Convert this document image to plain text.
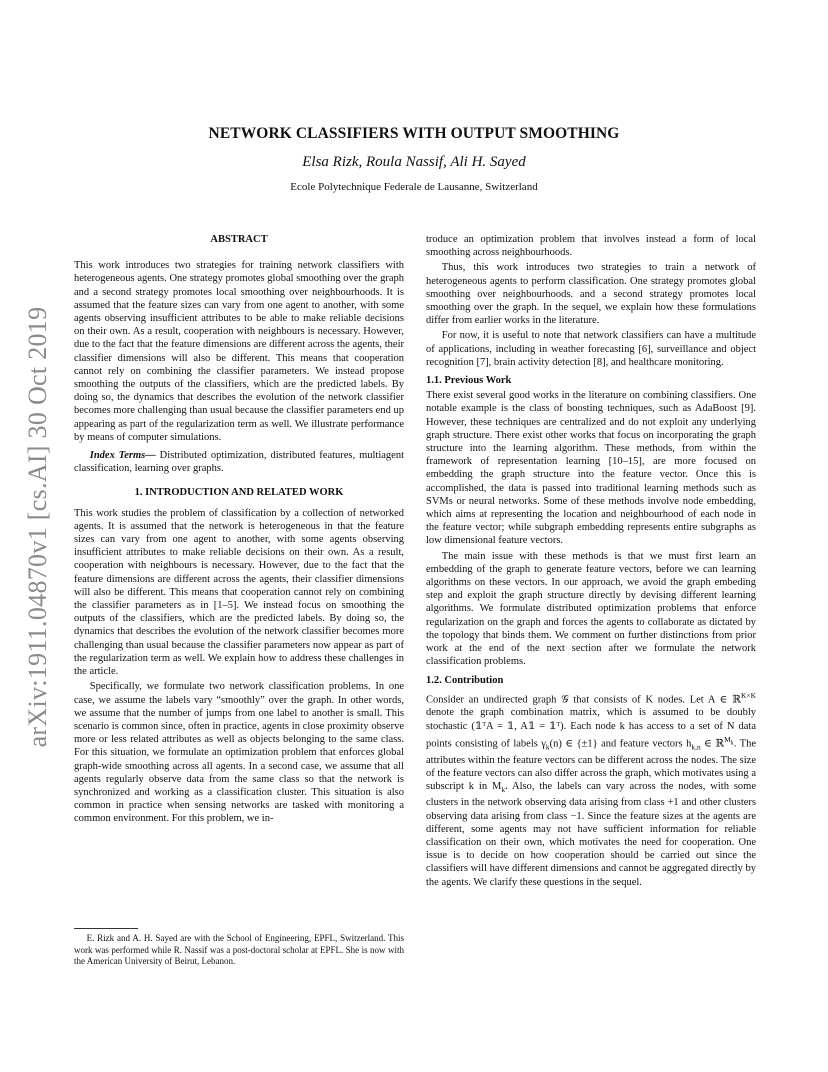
arXiv:1911.04870v1 [cs.AI] 30 Oct 2019
NETWORK CLASSIFIERS WITH OUTPUT SMOOTHING
Elsa Rizk, Roula Nassif, Ali H. Sayed
Ecole Polytechnique Federale de Lausanne, Switzerland
ABSTRACT

This work introduces two strategies for training network classifiers with heterogeneous agents. One strategy promotes global smoothing over the graph and a second strategy promotes local smoothing over neighbourhoods. It is assumed that the feature sizes can vary from one agent to another, with some agents observing insufficient attributes to be able to make reliable decisions on their own. As a result, cooperation with neighbours is necessary. However, due to the fact that the feature dimensions are different across the agents, their classifier dimensions will also be different. This means that cooperation cannot rely on combining the classifier parameters. We instead propose smoothing the outputs of the classifiers, which are the predicted labels. By doing so, the dynamics that describes the evolution of the network classifier becomes more challenging than usual because the classifier parameters end up appearing as part of the regularization term as well. We illustrate performance by means of computer simulations.

Index Terms— Distributed optimization, distributed features, multiagent classification, learning over graphs.

1. INTRODUCTION AND RELATED WORK

This work studies the problem of classification by a collection of networked agents. It is assumed that the network is heterogeneous in that the feature sizes can vary from one agent to another, with some agents observing insufficient attributes to make reliable decisions on their own. As a result, cooperation with neighbours is necessary. However, due to the fact that the feature dimensions are different across the agents, their classifier dimensions will also be different. This means that cooperation cannot rely on combining the classifier parameters as in [1–5]. We instead focus on smoothing the outputs of the classifiers, which are the predicted labels. By doing so, the dynamics that describes the evolution of the network classifier becomes more challenging than usual because the classifier parameters now appear as part of the regularization term as well. We explain how to address these challenges in the article.

Specifically, we formulate two network classification problems. In one case, we assume the labels vary “smoothly” over the graph. In other words, we assume that the number of jumps from one label to another is small. This scenario is common since, often in practice, agents in close proximity observe more or less related attributes as well as objects belonging to the same class. For this situation, we formulate an optimization problem that enforces global graph-wide smoothing across all agents. In a second case, we assume that all agents regularly observe data from the same class so that the network is synchronized and working as a classification cluster. This situation is also common in practice when sensing networks are tasked with monitoring a common environment. For this problem, we in-

troduce an optimization problem that involves instead a form of local smoothing across neighbourhoods.

Thus, this work introduces two strategies to train a network of heterogeneous agents to perform classification. One strategy promotes global smoothing over neighbourhoods. and a second strategy promotes local smoothing over the graph. In the sequel, we explain how these formulations differ from earlier works in the literature.

For now, it is useful to note that network classifiers can have a multitude of applications, including in weather forecasting [6], surveillance and object recognition [7], brain activity detection [8], and healthcare monitoring.

1.1. Previous Work

There exist several good works in the literature on combining classifiers. One notable example is the class of boosting techniques, such as AdaBoost [9]. However, these techniques are centralized and do not exploit any underlying graph structure. There exist other works that focus on incorporating the graph structure into the learning algorithm. These methods, from within the framework of representation learning [10–15], are more focused on embedding the graph structure into the feature vector. Once this is accomplished, the data is passed into traditional learning methods such as SVMs or neural networks. Some of these methods involve node embedding, which aims at representing the location and neighbourhood of each node in the feature vector; while subgraph embedding represents entire subgraphs as low dimensional feature vectors.

The main issue with these methods is that we must first learn an embedding of the graph to generate feature vectors, before we can learning algorithms on these vectors. In our approach, we avoid the graph embeding step and exploit the graph structure directly by devising different learning algorithms. We formulate distributed optimization problems that enforce regularization on the graph and forces the agents to collaborate as dictated by the topology that binds them. We comment on further distinctions from prior work at the end of the next section after we formulate the network classification problems.

1.2. Contribution

Consider an undirected graph 𝒢 that consists of K nodes. Let A ∈ ℝ$^{K\times K}$ denote the graph combination matrix, which is assumed to be doubly stochastic (𝟙ᵀA = 𝟙, A𝟙 = 𝟙ᵀ). Each node k has access to a set of N data points consisting of labels $\gamma_k(n)$ ∈ {±1} and feature vectors $h_{k,n}$ ∈ ℝ$^{M_k}$. The attributes within the feature vectors can be different across the nodes. The size of the feature vectors can also differ across the graph, which motivates using a subscript k in $M_k$. Also, the labels can vary across the nodes, with some clusters in the network observing data arising from class +1 and other clusters observing data arising from class −1. Since the feature sizes at the agents are different, some agents may not have sufficient information for reliable classification on their own, which motivates the need for cooperation. One issue is to decide on how cooperation should be carried out since the classifiers will have different dimensions and cannot be aggregated directly by the agents. We clarify these questions in the sequel.

E. Rizk and A. H. Sayed are with the School of Engineering, EPFL, Switzerland. This work was performed while R. Nassif was a post-doctoral scholar at EPFL. She is now with the American University of Beirut, Lebanon.
